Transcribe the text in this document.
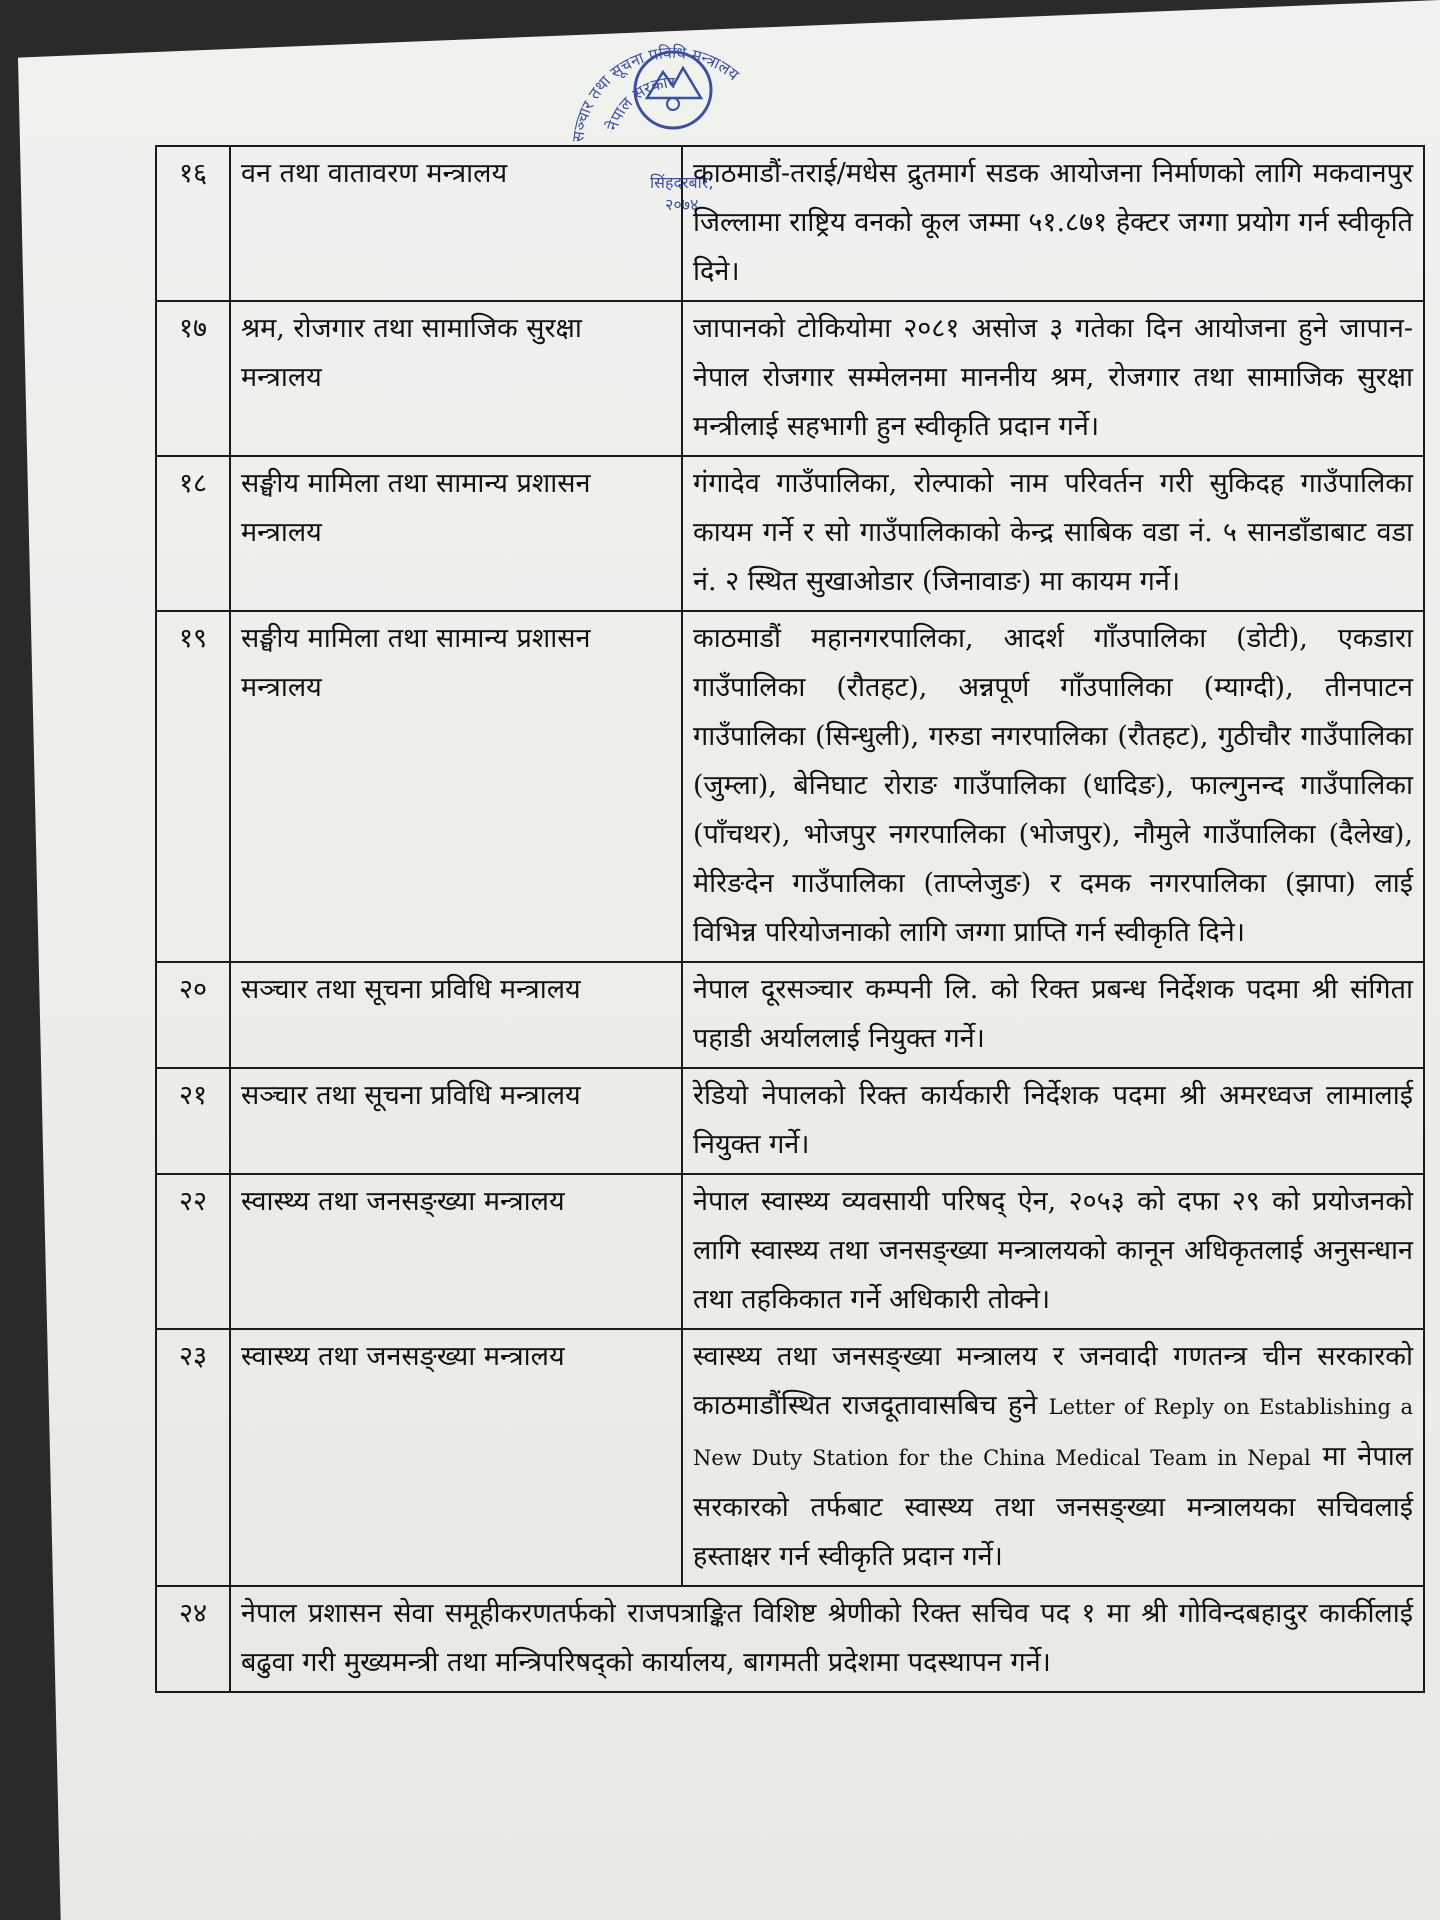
सञ्चार तथा सूचना प्रविधि मन्त्रालय
नेपाल सरकार
सिंहदरबार,
२०७४
१६	वन तथा वातावरण मन्त्रालय	काठमाडौं-तराई/मधेस द्रुतमार्ग सडक आयोजना निर्माणको लागि मकवानपुर जिल्लामा राष्ट्रिय वनको कूल जम्मा ५१.८७१ हेक्टर जग्गा प्रयोग गर्न स्वीकृति दिने।
१७	श्रम, रोजगार तथा सामाजिक सुरक्षा मन्त्रालय	जापानको टोकियोमा २०८१ असोज ३ गतेका दिन आयोजना हुने जापान-नेपाल रोजगार सम्मेलनमा माननीय श्रम, रोजगार तथा सामाजिक सुरक्षा मन्त्रीलाई सहभागी हुन स्वीकृति प्रदान गर्ने।
१८	सङ्घीय मामिला तथा सामान्य प्रशासन मन्त्रालय	गंगादेव गाउँपालिका, रोल्पाको नाम परिवर्तन गरी सुकिदह गाउँपालिका कायम गर्ने र सो गाउँपालिकाको केन्द्र साबिक वडा नं. ५ सानडाँडाबाट वडा नं. २ स्थित सुखाओडार (जिनावाङ) मा कायम गर्ने।
१९	सङ्घीय मामिला तथा सामान्य प्रशासन मन्त्रालय	काठमाडौं महानगरपालिका, आदर्श गाँउपालिका (डोटी), एकडारा गाउँपालिका (रौतहट), अन्नपूर्ण गाँउपालिका (म्याग्दी), तीनपाटन गाउँपालिका (सिन्धुली), गरुडा नगरपालिका (रौतहट), गुठीचौर गाउँपालिका (जुम्ला), बेनिघाट रोराङ गाउँपालिका (धादिङ), फाल्गुनन्द गाउँपालिका (पाँचथर), भोजपुर नगरपालिका (भोजपुर), नौमुले गाउँपालिका (दैलेख), मेरिङदेन गाउँपालिका (ताप्लेजुङ) र दमक नगरपालिका (झापा) लाई विभिन्न परियोजनाको लागि जग्गा प्राप्ति गर्न स्वीकृति दिने।
२०	सञ्चार तथा सूचना प्रविधि मन्त्रालय	नेपाल दूरसञ्चार कम्पनी लि. को रिक्त प्रबन्ध निर्देशक पदमा श्री संगिता पहाडी अर्याललाई नियुक्त गर्ने।
२१	सञ्चार तथा सूचना प्रविधि मन्त्रालय	रेडियो नेपालको रिक्त कार्यकारी निर्देशक पदमा श्री अमरध्वज लामालाई नियुक्त गर्ने।
२२	स्वास्थ्य तथा जनसङ्ख्या मन्त्रालय	नेपाल स्वास्थ्य व्यवसायी परिषद् ऐन, २०५३ को दफा २९ को प्रयोजनको लागि स्वास्थ्य तथा जनसङ्ख्या मन्त्रालयको कानून अधिकृतलाई अनुसन्धान तथा तहकिकात गर्ने अधिकारी तोक्ने।
२३	स्वास्थ्य तथा जनसङ्ख्या मन्त्रालय	स्वास्थ्य तथा जनसङ्ख्या मन्त्रालय र जनवादी गणतन्त्र चीन सरकारको काठमाडौंस्थित राजदूतावासबिच हुने Letter of Reply on Establishing a New Duty Station for the China Medical Team in Nepal मा नेपाल सरकारको तर्फबाट स्वास्थ्य तथा जनसङ्ख्या मन्त्रालयका सचिवलाई हस्ताक्षर गर्न स्वीकृति प्रदान गर्ने।
२४	नेपाल प्रशासन सेवा समूहीकरणतर्फको राजपत्राङ्कित विशिष्ट श्रेणीको रिक्त सचिव पद १ मा श्री गोविन्दबहादुर कार्कीलाई बढुवा गरी मुख्यमन्त्री तथा मन्त्रिपरिषद्को कार्यालय, बागमती प्रदेशमा पदस्थापन गर्ने।	
